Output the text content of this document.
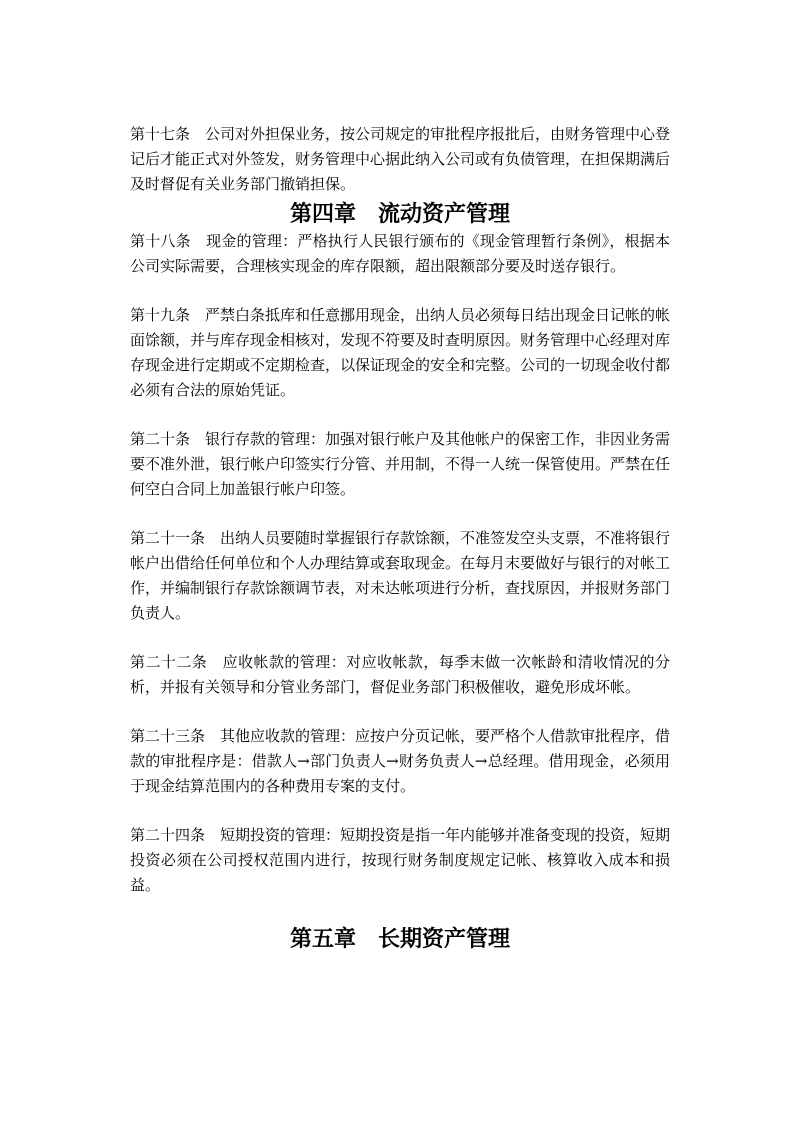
第十七条　公司对外担保业务，按公司规定的审批程序报批后，由财务管理中心登记后才能正式对外签发，财务管理中心据此纳入公司或有负债管理，在担保期满后及时督促有关业务部门撤销担保。

第四章　流动资产管理

第十八条　现金的管理：严格执行人民银行颁布的《现金管理暂行条例》，根据本公司实际需要，合理核实现金的库存限额，超出限额部分要及时送存银行。

第十九条　严禁白条抵库和任意挪用现金，出纳人员必须每日结出现金日记帐的帐面馀额，并与库存现金相核对，发现不符要及时查明原因。财务管理中心经理对库存现金进行定期或不定期检查，以保证现金的安全和完整。公司的一切现金收付都必须有合法的原始凭证。

第二十条　银行存款的管理：加强对银行帐户及其他帐户的保密工作，非因业务需要不准外泄，银行帐户印签实行分管、并用制，不得一人统一保管使用。严禁在任何空白合同上加盖银行帐户印签。

第二十一条　出纳人员要随时掌握银行存款馀额，不准签发空头支票，不准将银行帐户出借给任何单位和个人办理结算或套取现金。在每月末要做好与银行的对帐工作，并编制银行存款馀额调节表，对未达帐项进行分析，查找原因，并报财务部门负责人。

第二十二条　应收帐款的管理：对应收帐款，每季末做一次帐龄和清收情况的分析，并报有关领导和分管业务部门，督促业务部门积极催收，避免形成坏帐。

第二十三条　其他应收款的管理：应按户分页记帐，要严格个人借款审批程序，借款的审批程序是：借款人→部门负责人→财务负责人→总经理。借用现金，必须用于现金结算范围内的各种费用专案的支付。

第二十四条　短期投资的管理：短期投资是指一年内能够并准备变现的投资，短期投资必须在公司授权范围内进行，按现行财务制度规定记帐、核算收入成本和损益。

第五章　长期资产管理
